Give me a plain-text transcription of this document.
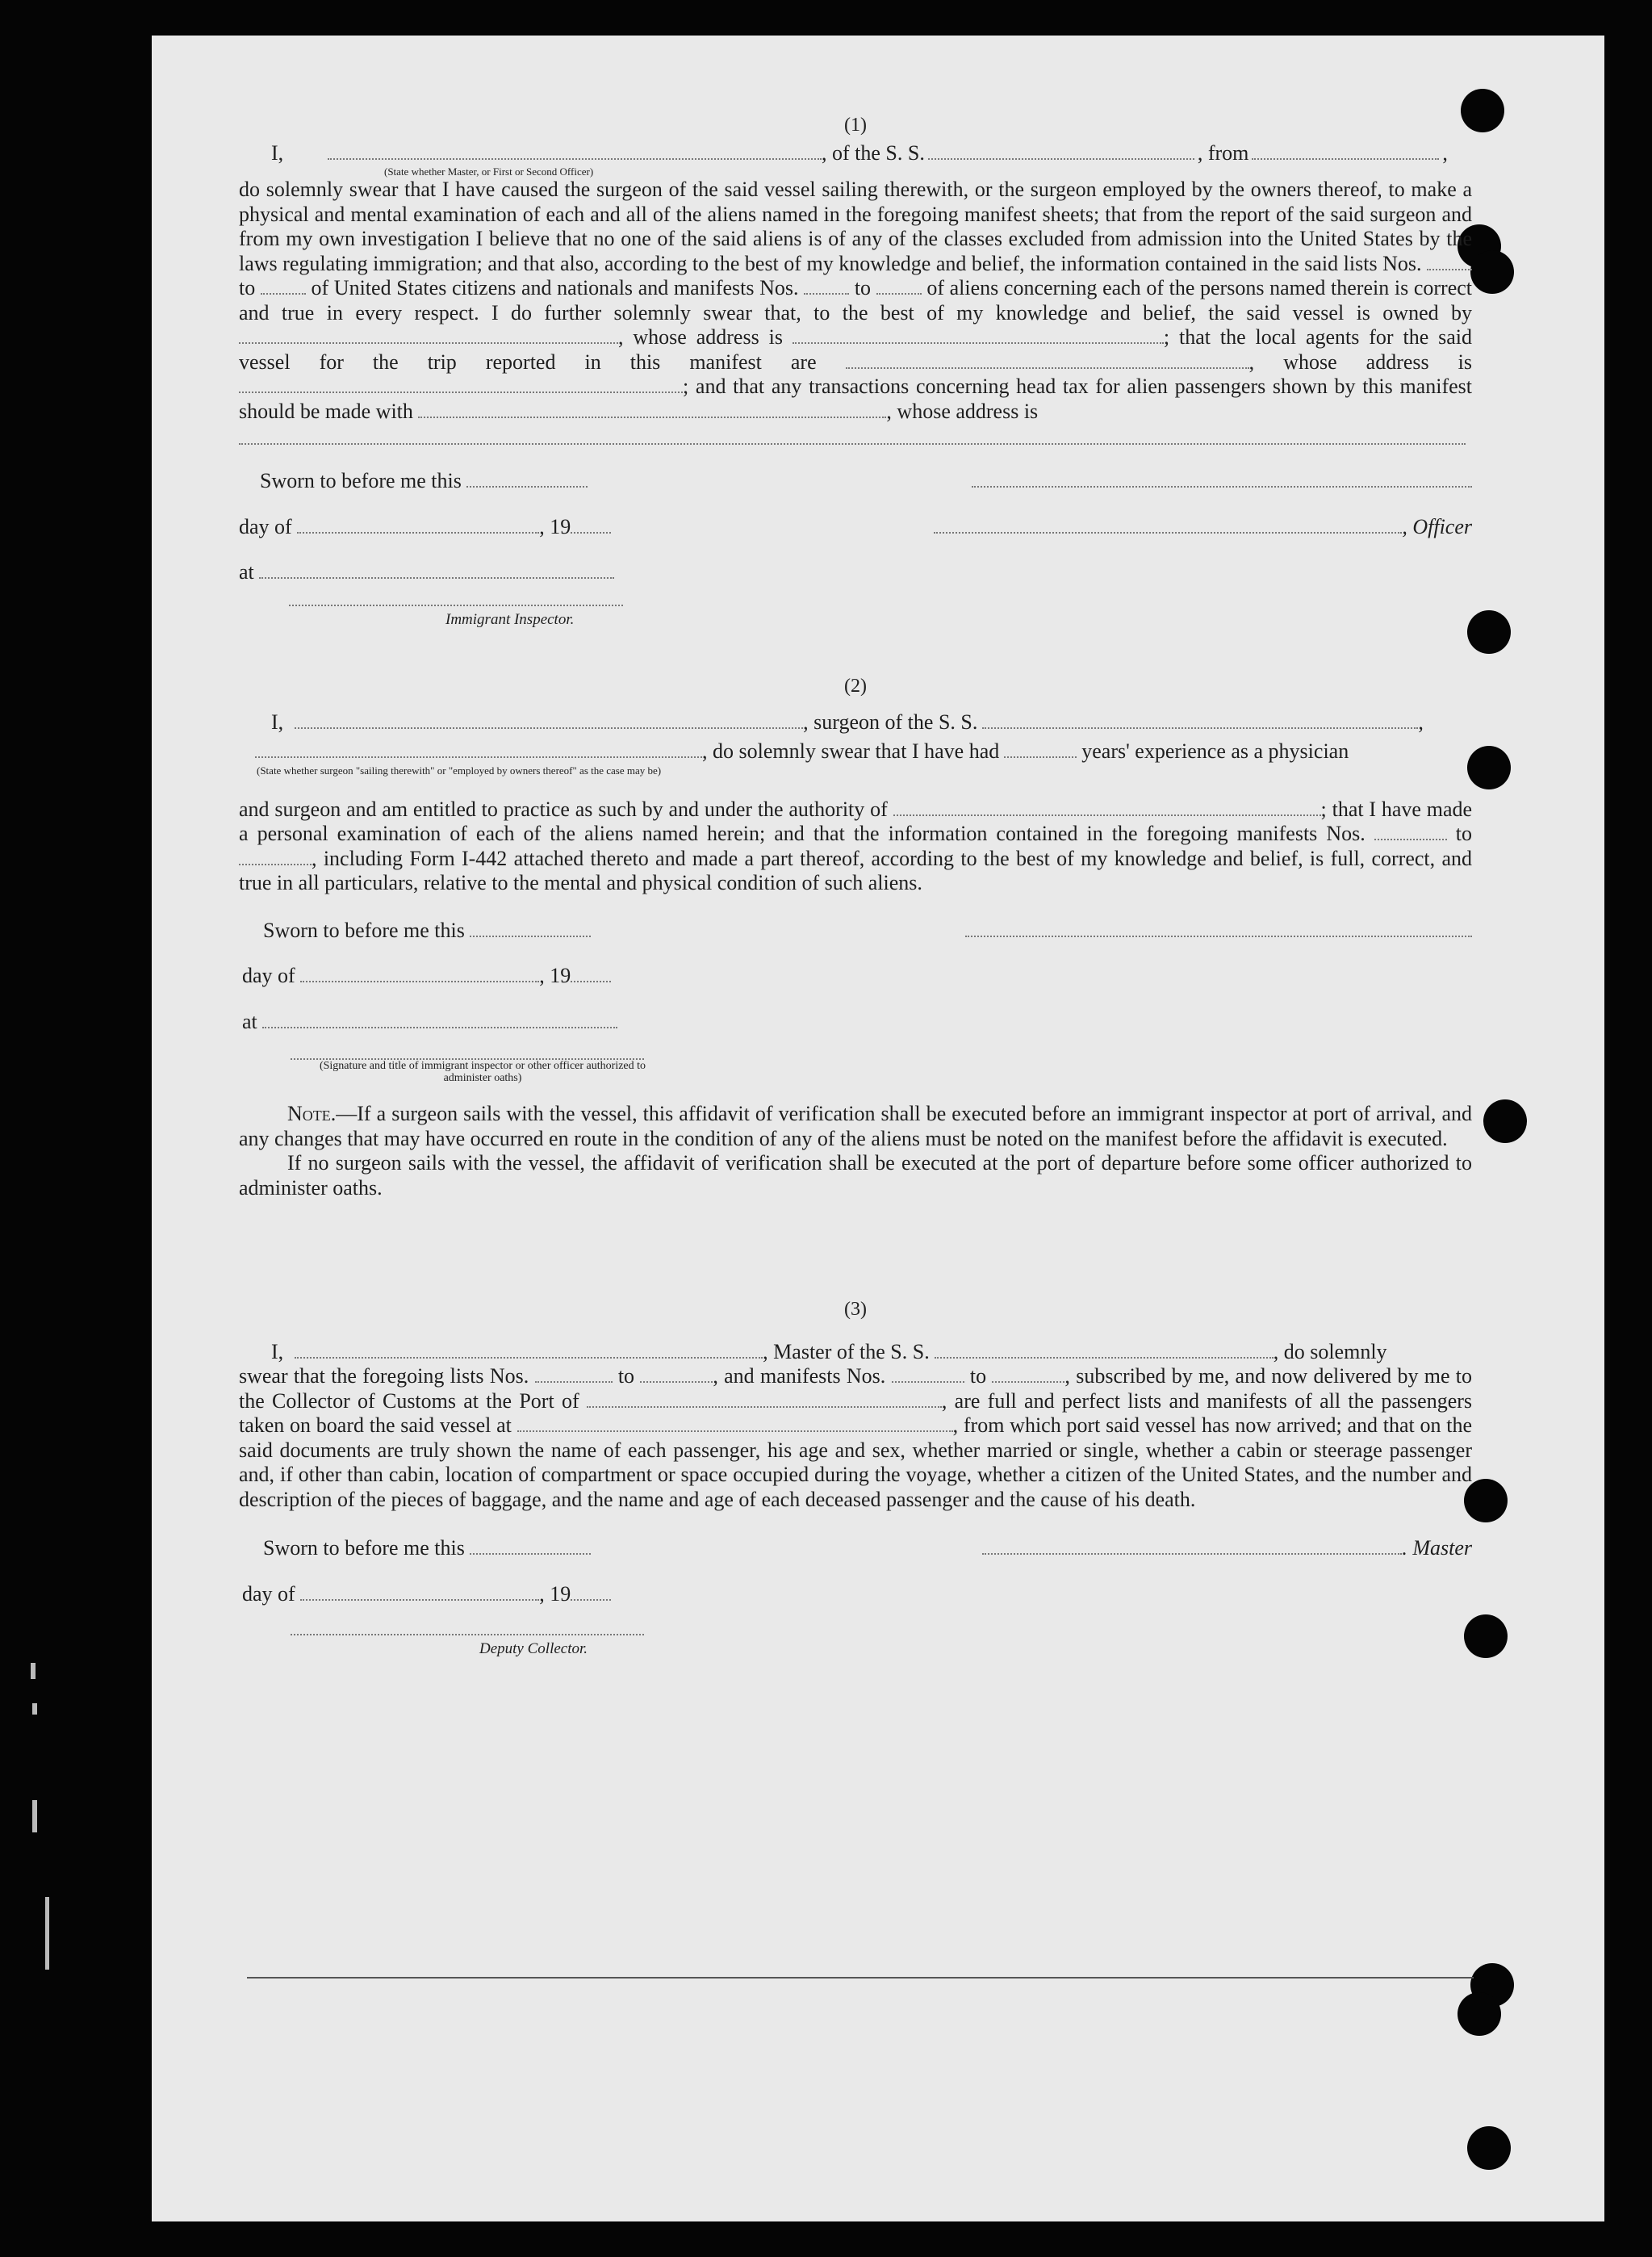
(1)
I,	, of the S. S.	, from	,
(State whether Master, or First or Second Officer)

do solemnly swear that I have caused the surgeon of the said vessel sailing therewith, or the surgeon employed by the owners thereof, to make a physical and mental examination of each and all of the aliens named in the foregoing manifest sheets; that from the report of the said surgeon and from my own investigation I believe that no one of the said aliens is of any of the classes excluded from admission into the United States by the laws regulating immigration; and that also, according to the best of my knowledge and belief, the information contained in the said lists Nos.  to	of United States citizens and nationals and manifests Nos.	to	of aliens concerning each of the persons named therein is correct and true in every respect. I do further solemnly swear that, to the best of my knowledge and belief, the said vessel is owned by , whose address is	; that the local agents for the said vessel for the trip reported in this manifest are	, whose address is ; and that any transactions concerning head tax for alien passengers shown by this manifest should be made with	, whose address is

Sworn to before me this
day of	, 19	, Officer
at
Immigrant Inspector.
(2)
I,	, surgeon of the S. S.	,
, do solemnly swear that I have had	years' experience as a physician
(State whether surgeon "sailing therewith" or "employed by owners thereof" as the case may be)

and surgeon and am entitled to practice as such by and under the authority of	; that I have made a personal examination of each of the aliens named herein; and that the information contained in the foregoing manifests Nos.	to , including Form I-442 attached thereto and made a part thereof, according to the best of my knowledge and belief, is full, correct, and true in all particulars, relative to the mental and physical condition of such aliens.

Sworn to before me this
day of	, 19
at
(Signature and title of immigrant inspector or other officer authorized to administer oaths)

Note.—If a surgeon sails with the vessel, this affidavit of verification shall be executed before an immigrant inspector at port of arrival, and any changes that may have occurred en route in the condition of any of the aliens must be noted on the manifest before the affidavit is executed.

If no surgeon sails with the vessel, the affidavit of verification shall be executed at the port of departure before some officer authorized to administer oaths.

(3)
I,	, Master of the S. S.	, do solemnly

swear that the foregoing lists Nos.	to	, and manifests Nos.	to	, subscribed by me, and now delivered by me to the Collector of Customs at the Port of	, are full and perfect lists and manifests of all the passengers taken on board the said vessel at	, from which port said vessel has now arrived; and that on the said documents are truly shown the name of each passenger, his age and sex, whether married or single, whether a cabin or steerage passenger and, if other than cabin, location of compartment or space occupied during the voyage, whether a citizen of the United States, and the number and description of the pieces of baggage, and the name and age of each deceased passenger and the cause of his death.

Sworn to before me this	. Master
day of	, 19
Deputy Collector.
